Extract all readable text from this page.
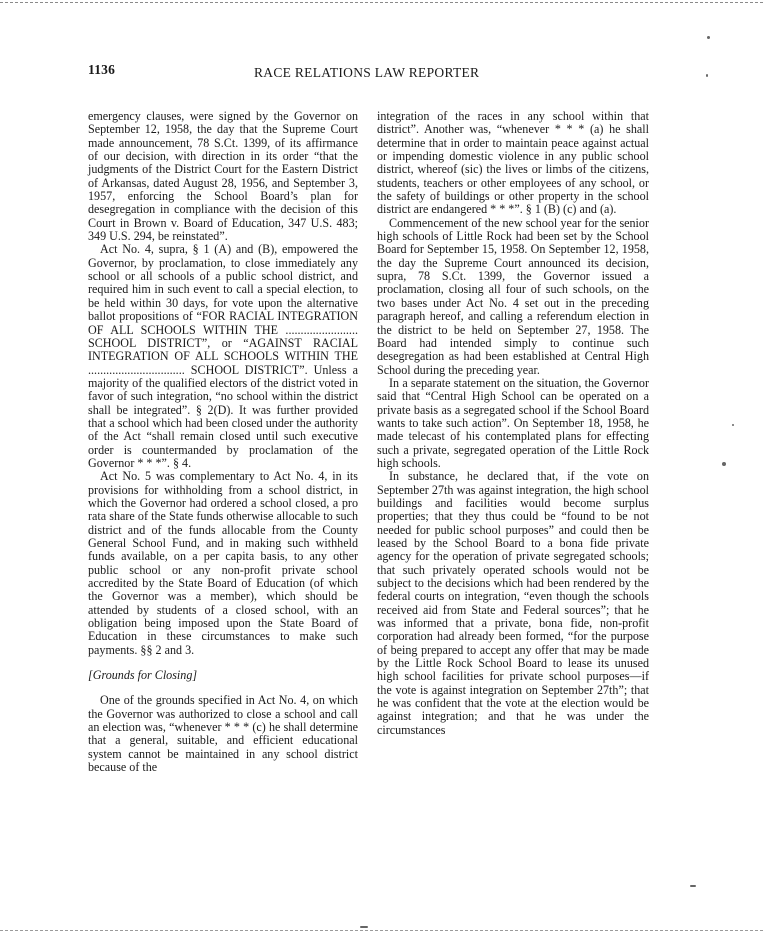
1136	RACE RELATIONS LAW REPORTER

emergency clauses, were signed by the Governor on September 12, 1958, the day that the Supreme Court made announcement, 78 S.Ct. 1399, of its affirmance of our decision, with direction in its order “that the judgments of the District Court for the Eastern District of Arkansas, dated August 28, 1956, and September 3, 1957, enforcing the School Board’s plan for desegregation in compliance with the decision of this Court in Brown v. Board of Education, 347 U.S. 483; 349 U.S. 294, be reinstated”.

Act No. 4, supra, § 1 (A) and (B), empowered the Governor, by proclamation, to close immediately any school or all schools of a public school district, and required him in such event to call a special election, to be held within 30 days, for vote upon the alternative ballot propositions of “FOR RACIAL INTEGRATION OF ALL SCHOOLS WITHIN THE ........................ SCHOOL DISTRICT”, or “AGAINST RACIAL INTEGRATION OF ALL SCHOOLS WITHIN THE ................................ SCHOOL DISTRICT”. Unless a majority of the qualified electors of the district voted in favor of such integration, “no school within the district shall be integrated”. § 2(D). It was further provided that a school which had been closed under the authority of the Act “shall remain closed until such executive order is countermanded by proclamation of the Governor * * *”. § 4.

Act No. 5 was complementary to Act No. 4, in its provisions for withholding from a school district, in which the Governor had ordered a school closed, a pro rata share of the State funds otherwise allocable to such district and of the funds allocable from the County General School Fund, and in making such withheld funds available, on a per capita basis, to any other public school or any non-profit private school accredited by the State Board of Education (of which the Governor was a member), which should be attended by students of a closed school, with an obligation being imposed upon the State Board of Education in these circumstances to make such payments. §§ 2 and 3.

[Grounds for Closing]

One of the grounds specified in Act No. 4, on which the Governor was authorized to close a school and call an election was, “whenever * * * (c) he shall determine that a general, suitable, and efficient educational system cannot be maintained in any school district because of the

integration of the races in any school within that district”. Another was, “whenever * * * (a) he shall determine that in order to maintain peace against actual or impending domestic violence in any public school district, whereof (sic) the lives or limbs of the citizens, students, teachers or other employees of any school, or the safety of buildings or other property in the school district are endangered * * *”. § 1 (B) (c) and (a).

Commencement of the new school year for the senior high schools of Little Rock had been set by the School Board for September 15, 1958. On September 12, 1958, the day the Supreme Court announced its decision, supra, 78 S.Ct. 1399, the Governor issued a proclamation, closing all four of such schools, on the two bases under Act No. 4 set out in the preceding paragraph hereof, and calling a referendum election in the district to be held on September 27, 1958. The Board had intended simply to continue such desegregation as had been established at Central High School during the preceding year.

In a separate statement on the situation, the Governor said that “Central High School can be operated on a private basis as a segregated school if the School Board wants to take such action”. On September 18, 1958, he made telecast of his contemplated plans for effecting such a private, segregated operation of the Little Rock high schools.

In substance, he declared that, if the vote on September 27th was against integration, the high school buildings and facilities would become surplus properties; that they thus could be “found to be not needed for public school purposes” and could then be leased by the School Board to a bona fide private agency for the operation of private segregated schools; that such privately operated schools would not be subject to the decisions which had been rendered by the federal courts on integration, “even though the schools received aid from State and Federal sources”; that he was informed that a private, bona fide, non-profit corporation had already been formed, “for the purpose of being prepared to accept any offer that may be made by the Little Rock School Board to lease its unused high school facilities for private school purposes—if the vote is against integration on September 27th”; that he was confident that the vote at the election would be against integration; and that he was under the circumstances
